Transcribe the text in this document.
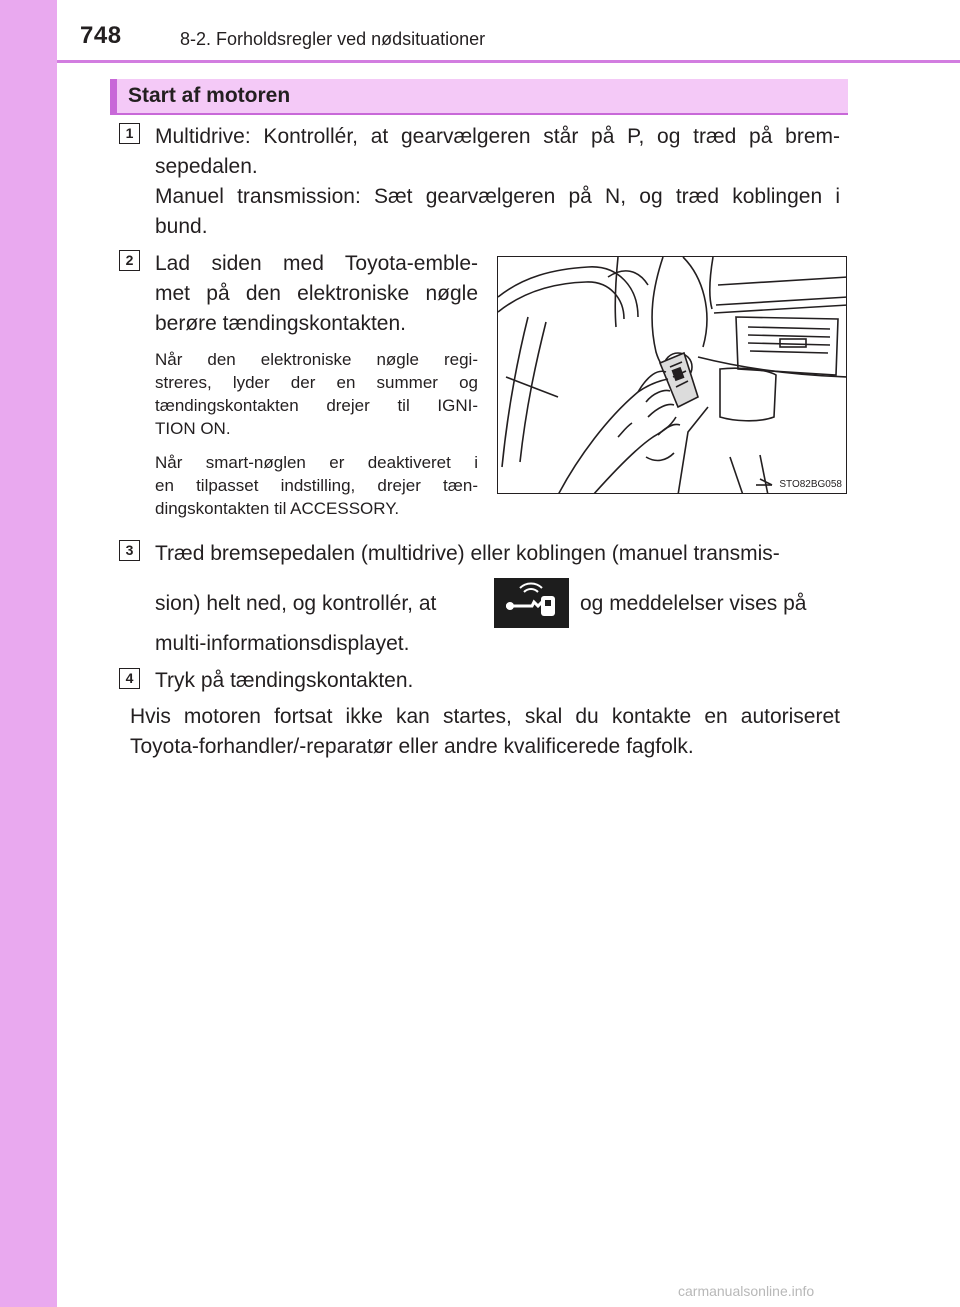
748	8-2. Forholdsregler ved nødsituationer
Start af motoren
1	Multidrive: Kontrollér, at gearvælgeren står på P, og træd på brem-
sepedalen.
Manuel transmission: Sæt gearvælgeren på N, og træd koblingen i
bund.
2	Lad siden med Toyota-emble-
met på den elektroniske nøgle
berøre tændingskontakten.
Når den elektroniske nøgle regi-
streres, lyder der en summer og
tændingskontakten drejer til IGNI-
TION ON.
Når smart-nøglen er deaktiveret i
en tilpasset indstilling, drejer tæn-
dingskontakten til ACCESSORY.
STO82BG058
3	Træd bremsepedalen (multidrive) eller koblingen (manuel transmis-
sion) helt ned, og kontrollér, at	og meddelelser vises på
multi-informationsdisplayet.
4	Tryk på tændingskontakten.
Hvis motoren fortsat ikke kan startes, skal du kontakte en autoriseret
Toyota-forhandler/-reparatør eller andre kvalificerede fagfolk.
carmanualsonline.info
